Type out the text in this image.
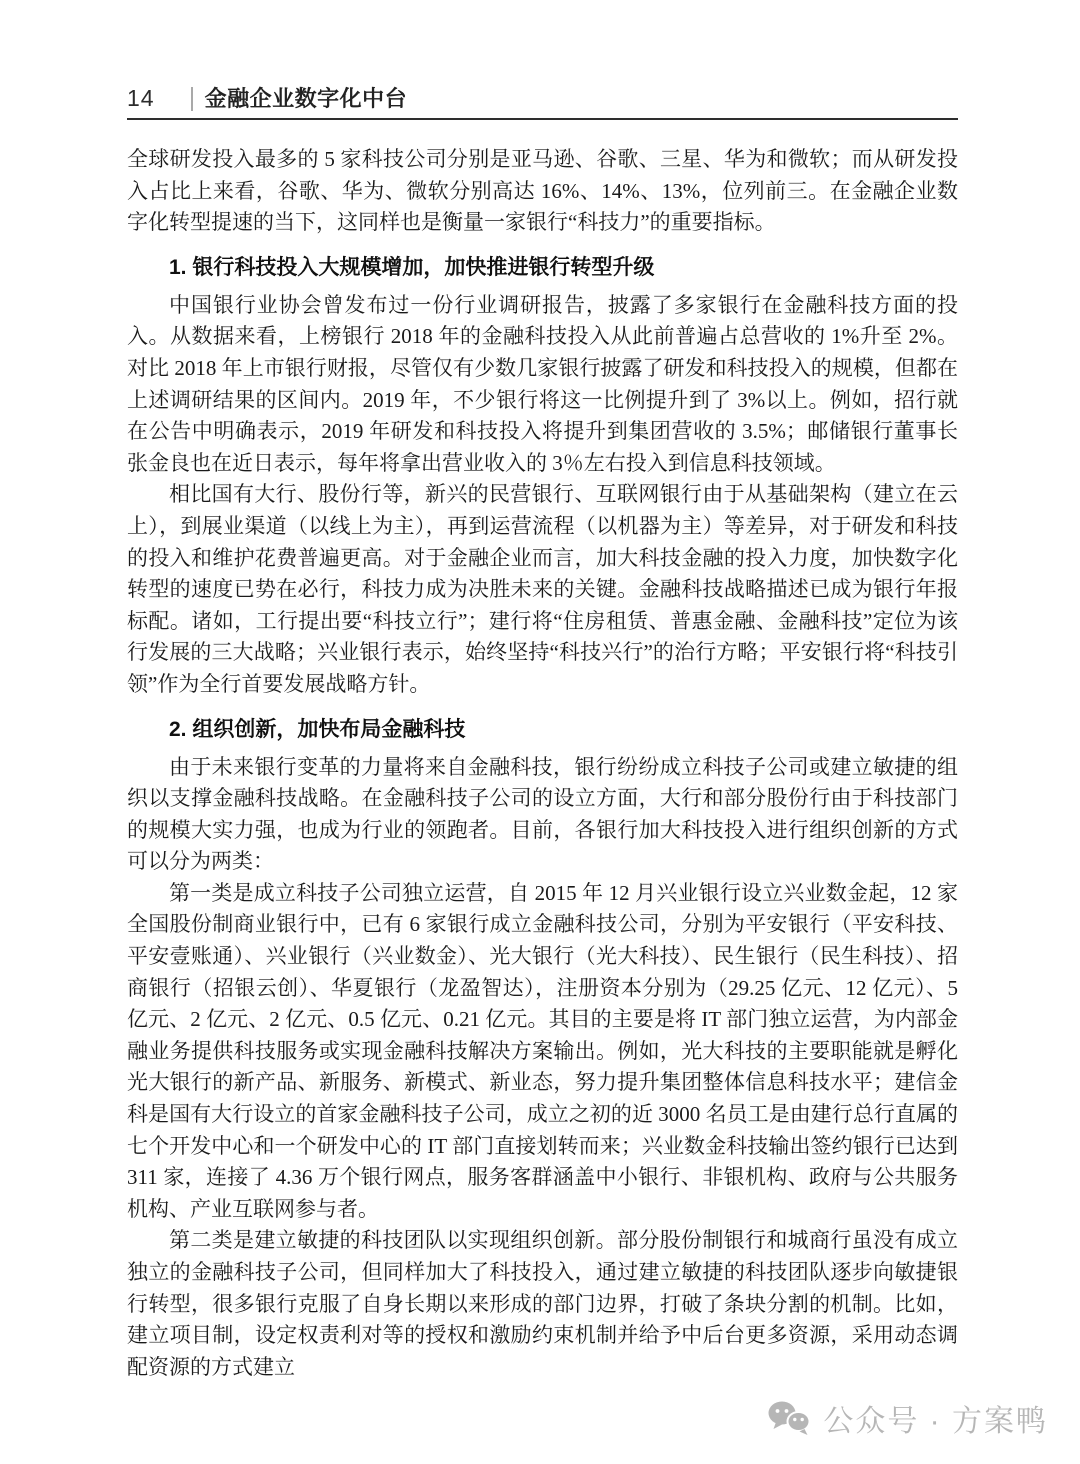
14 金融企业数字化中台

全球研发投入最多的 5 家科技公司分别是亚马逊、谷歌、三星、华为和微软；而从研发投入占比上来看，谷歌、华为、微软分别高达 16%、14%、13%，位列前三。在金融企业数字化转型提速的当下，这同样也是衡量一家银行“科技力”的重要指标。

1. 银行科技投入大规模增加，加快推进银行转型升级

中国银行业协会曾发布过一份行业调研报告，披露了多家银行在金融科技方面的投入。从数据来看，上榜银行 2018 年的金融科技投入从此前普遍占总营收的 1%升至 2%。对比 2018 年上市银行财报，尽管仅有少数几家银行披露了研发和科技投入的规模，但都在上述调研结果的区间内。2019 年，不少银行将这一比例提升到了 3%以上。例如，招行就在公告中明确表示，2019 年研发和科技投入将提升到集团营收的 3.5%；邮储银行董事长张金良也在近日表示，每年将拿出营业收入的 3％左右投入到信息科技领域。

相比国有大行、股份行等，新兴的民营银行、互联网银行由于从基础架构（建立在云上），到展业渠道（以线上为主），再到运营流程（以机器为主）等差异，对于研发和科技的投入和维护花费普遍更高。对于金融企业而言，加大科技金融的投入力度，加快数字化转型的速度已势在必行，科技力成为决胜未来的关键。金融科技战略描述已成为银行年报标配。诸如，工行提出要“科技立行”；建行将“住房租赁、普惠金融、金融科技”定位为该行发展的三大战略；兴业银行表示，始终坚持“科技兴行”的治行方略；平安银行将“科技引领”作为全行首要发展战略方针。

2. 组织创新，加快布局金融科技

由于未来银行变革的力量将来自金融科技，银行纷纷成立科技子公司或建立敏捷的组织以支撑金融科技战略。在金融科技子公司的设立方面，大行和部分股份行由于科技部门的规模大实力强，也成为行业的领跑者。目前，各银行加大科技投入进行组织创新的方式可以分为两类：

第一类是成立科技子公司独立运营，自 2015 年 12 月兴业银行设立兴业数金起，12 家全国股份制商业银行中，已有 6 家银行成立金融科技公司，分别为平安银行（平安科技、平安壹账通）、兴业银行（兴业数金）、光大银行（光大科技）、民生银行（民生科技）、招商银行（招银云创）、华夏银行（龙盈智达），注册资本分别为（29.25 亿元、12 亿元）、5 亿元、2 亿元、2 亿元、0.5 亿元、0.21 亿元。其目的主要是将 IT 部门独立运营，为内部金融业务提供科技服务或实现金融科技解决方案输出。例如，光大科技的主要职能就是孵化光大银行的新产品、新服务、新模式、新业态，努力提升集团整体信息科技水平；建信金科是国有大行设立的首家金融科技子公司，成立之初的近 3000 名员工是由建行总行直属的七个开发中心和一个研发中心的 IT 部门直接划转而来；兴业数金科技输出签约银行已达到 311 家，连接了 4.36 万个银行网点，服务客群涵盖中小银行、非银机构、政府与公共服务机构、产业互联网参与者。

第二类是建立敏捷的科技团队以实现组织创新。部分股份制银行和城商行虽没有成立独立的金融科技子公司，但同样加大了科技投入，通过建立敏捷的科技团队逐步向敏捷银行转型，很多银行克服了自身长期以来形成的部门边界，打破了条块分割的机制。比如，建立项目制，设定权责利对等的授权和激励约束机制并给予中后台更多资源，采用动态调配资源的方式建立

公众号 · 方案鸭
